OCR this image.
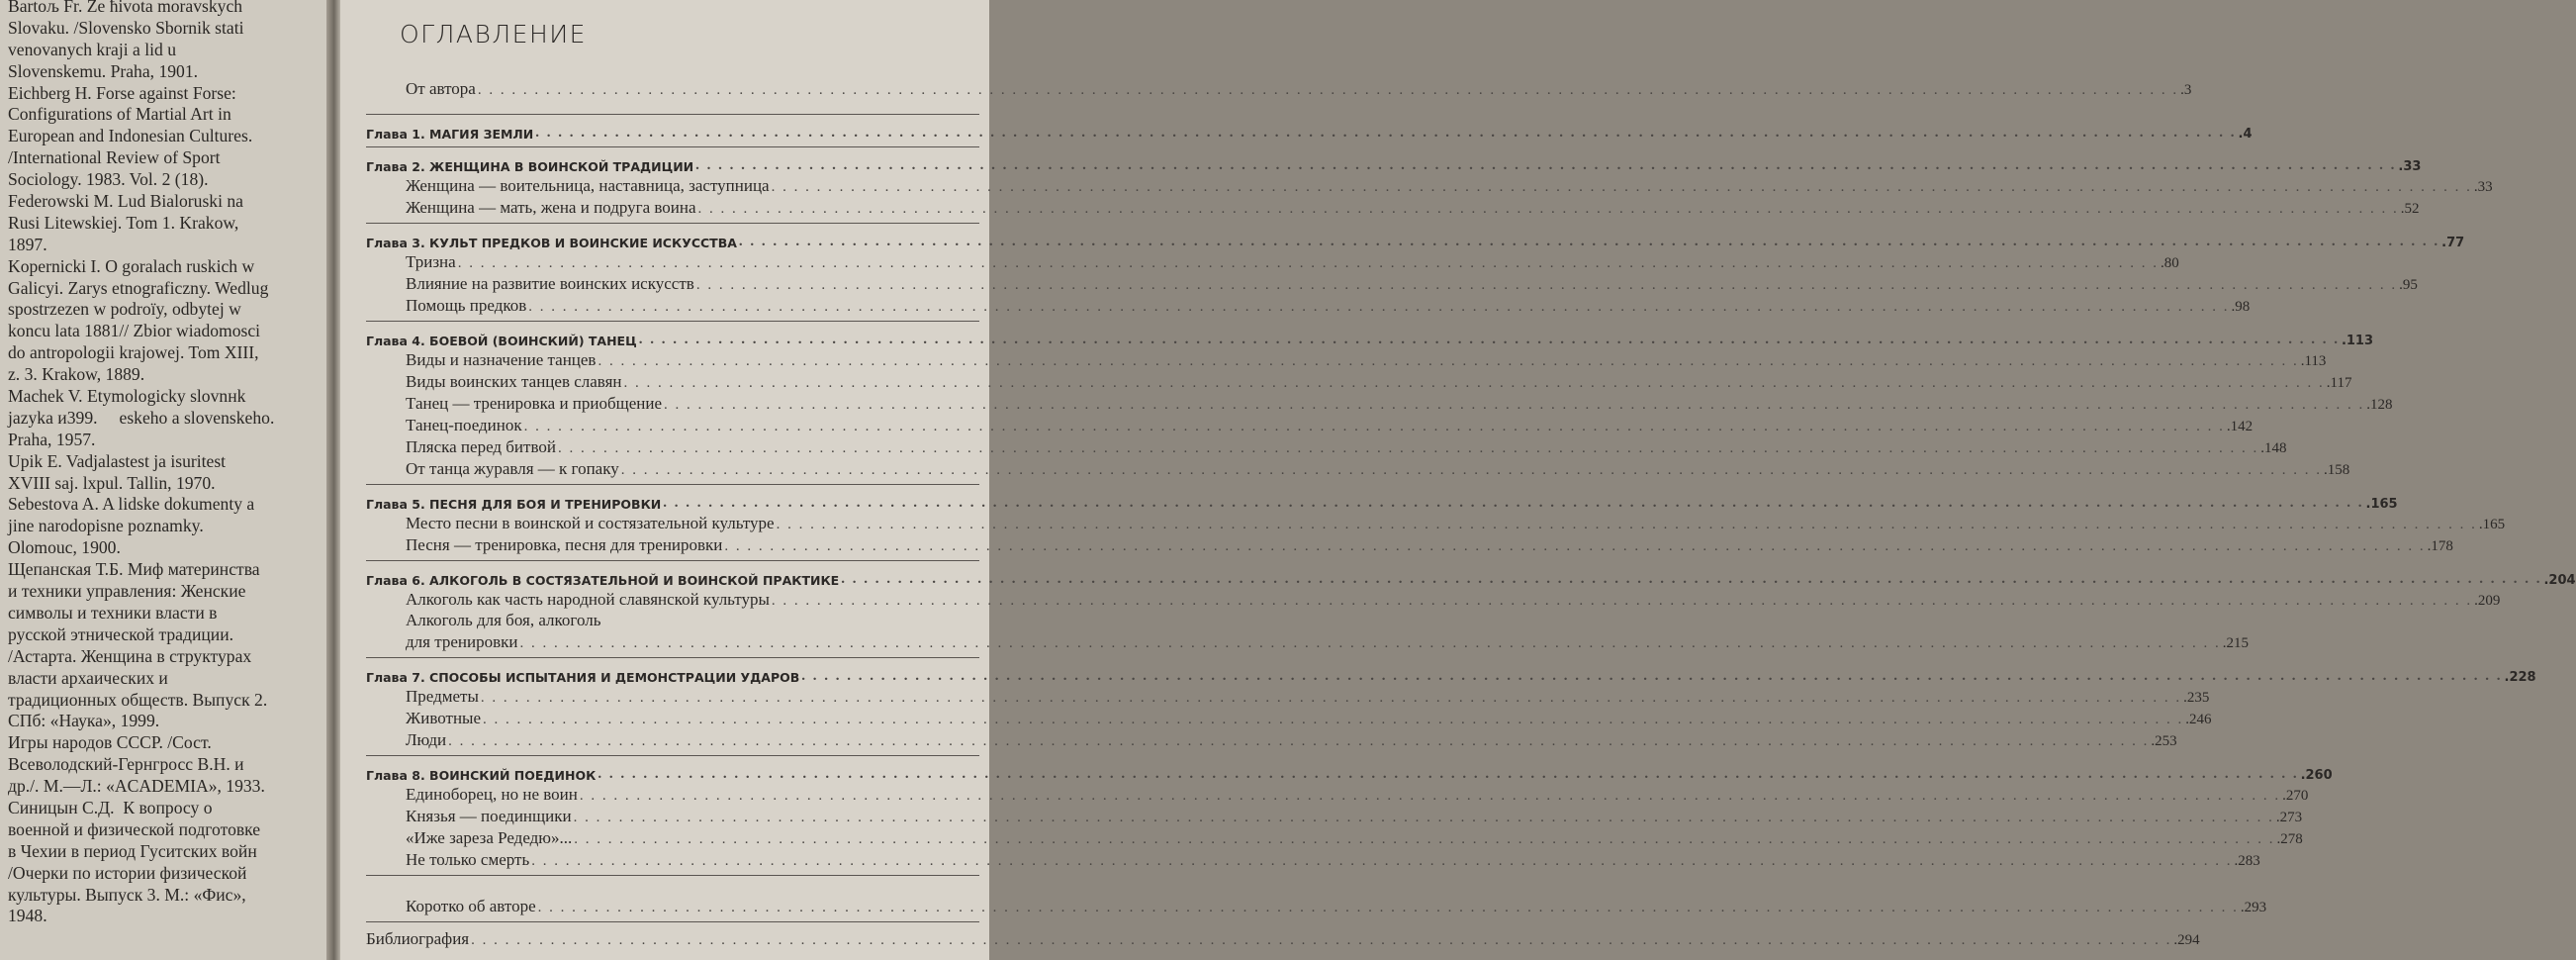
Bartoљ Fr. Ze ћivota moravskych
Slovaku. /Slovensko Sbornik stati
venovanych kraji a lid u
Slovenskemu. Praha, 1901.
Eichberg H. Forse against Forse:
Configurations of Martial Art in
European and Indonesian Cultures.
/International Review of Sport
Sociology. 1983. Vol. 2 (18).
Federowski M. Lud Bialoruski na
Rusi Litewskiej. Tom 1. Krakow,
1897.
Kopernicki I. O goralach ruskich w
Galicyi. Zarys etnograficzny. Wedlug
spostrzezen w podroїy, odbytej w
koncu lata 1881// Zbior wiadomosci
do antropologii krajowej. Tom XIII,
z. 3. Krakow, 1889.
Machek V. Etymologicky slovnнk
jazyka и399.     eskeho a slovenskeho.
Praha, 1957.
Upik E. Vadjalastest ja isuritest
XVIII saj. lxpul. Tallin, 1970.
Sebestova A. A lidske dokumenty a
jine narodopisne poznamky.
Olomouc, 1900.
Щепанская Т.Б. Миф материнства
и техники управления: Женские
символы и техники власти в
русской этнической традиции.
/Астарта. Женщина в структурах
власти архаических и
традиционных обществ. Выпуск 2.
СПб: «Наука», 1999.
Игры народов СССР. /Сост.
Всеволодский-Гернгросс В.Н. и
др./. М.—Л.: «ACADEMIA», 1933.
Синицын С.Д.  К вопросу о
военной и физической подготовке
в Чехии в период Гуситских войн
/Очерки по истории физической
культуры. Выпуск 3. М.: «Фис»,
1948.
ОГЛАВЛЕНИЕ
От автора . . . . . . . . . . . . . . . . . . . . . . . . . . . . . . . . . . . . . . . . . . . . . . . . . . . . . . . . . . . . . . . . . . . . . . . . . . . . . . . . . . . . . . . . . . . . . . . . . . . . . . . . . . . . . . . . . . . . . . . . . . . . . . . . . . . . . . . . . . . . . . . . . . . . . . .3
Глава 1. МАГИЯ ЗЕМЛИ . . . . . . . . . . . . . . . . . . . . . . . . . . . . . . . . . . . . . . . . . . . . . . . . . . . . . . . . . . . . . . . . . . . . . . . . . . . . . . . . . . . . . . . . . . . . . . . . . . . . . . . . . . . . . . . . . . . . . . . . . . . . . . . . . . . . . . . . . . . . . . . . . . . . . . .4
Глава 2. ЖЕНЩИНА В ВОИНСКОЙ ТРАДИЦИИ . . . . . . . . . . . . . . . . . . . . . . . . . . . . . . . . . . . . . . . . . . . . . . . . . . . . . . . . . . . . . . . . . . . . . . . . . . . . . . . . . . . . . . . . . . . . . . . . . . . . . . . . . . . . . . . . . . . . . . . . . . . . . . . . . . . . . . . . . . . . . . . . . . . . . . .33
Женщина — воительница, наставница, заступница . . . . . . . . . . . . . . . . . . . . . . . . . . . . . . . . . . . . . . . . . . . . . . . . . . . . . . . . . . . . . . . . . . . . . . . . . . . . . . . . . . . . . . . . . . . . . . . . . . . . . . . . . . . . . . . . . . . . . . . . . . . . . . . . . . . . . . . . . . . . . . . . . . . . . . .33
Женщина — мать, жена и подруга воина . . . . . . . . . . . . . . . . . . . . . . . . . . . . . . . . . . . . . . . . . . . . . . . . . . . . . . . . . . . . . . . . . . . . . . . . . . . . . . . . . . . . . . . . . . . . . . . . . . . . . . . . . . . . . . . . . . . . . . . . . . . . . . . . . . . . . . . . . . . . . . . . . . . . . . .52
Глава 3. КУЛЬТ ПРЕДКОВ И ВОИНСКИЕ ИСКУССТВА . . . . . . . . . . . . . . . . . . . . . . . . . . . . . . . . . . . . . . . . . . . . . . . . . . . . . . . . . . . . . . . . . . . . . . . . . . . . . . . . . . . . . . . . . . . . . . . . . . . . . . . . . . . . . . . . . . . . . . . . . . . . . . . . . . . . . . . . . . . . . . . . . . . . . . .77
Тризна . . . . . . . . . . . . . . . . . . . . . . . . . . . . . . . . . . . . . . . . . . . . . . . . . . . . . . . . . . . . . . . . . . . . . . . . . . . . . . . . . . . . . . . . . . . . . . . . . . . . . . . . . . . . . . . . . . . . . . . . . . . . . . . . . . . . . . . . . . . . . . . . . . . . . . .80
Влияние на развитие воинских искусств . . . . . . . . . . . . . . . . . . . . . . . . . . . . . . . . . . . . . . . . . . . . . . . . . . . . . . . . . . . . . . . . . . . . . . . . . . . . . . . . . . . . . . . . . . . . . . . . . . . . . . . . . . . . . . . . . . . . . . . . . . . . . . . . . . . . . . . . . . . . . . . . . . . . . . .95
Помощь предков . . . . . . . . . . . . . . . . . . . . . . . . . . . . . . . . . . . . . . . . . . . . . . . . . . . . . . . . . . . . . . . . . . . . . . . . . . . . . . . . . . . . . . . . . . . . . . . . . . . . . . . . . . . . . . . . . . . . . . . . . . . . . . . . . . . . . . . . . . . . . . . . . . . . . . .98
Глава 4. БОЕВОЙ (ВОИНСКИЙ) ТАНЕЦ . . . . . . . . . . . . . . . . . . . . . . . . . . . . . . . . . . . . . . . . . . . . . . . . . . . . . . . . . . . . . . . . . . . . . . . . . . . . . . . . . . . . . . . . . . . . . . . . . . . . . . . . . . . . . . . . . . . . . . . . . . . . . . . . . . . . . . . . . . . . . . . . . . . . . . .113
Виды и назначение танцев . . . . . . . . . . . . . . . . . . . . . . . . . . . . . . . . . . . . . . . . . . . . . . . . . . . . . . . . . . . . . . . . . . . . . . . . . . . . . . . . . . . . . . . . . . . . . . . . . . . . . . . . . . . . . . . . . . . . . . . . . . . . . . . . . . . . . . . . . . . . . . . . . . . . . . .113
Виды воинских танцев славян . . . . . . . . . . . . . . . . . . . . . . . . . . . . . . . . . . . . . . . . . . . . . . . . . . . . . . . . . . . . . . . . . . . . . . . . . . . . . . . . . . . . . . . . . . . . . . . . . . . . . . . . . . . . . . . . . . . . . . . . . . . . . . . . . . . . . . . . . . . . . . . . . . . . . . .117
Танец — тренировка и приобщение . . . . . . . . . . . . . . . . . . . . . . . . . . . . . . . . . . . . . . . . . . . . . . . . . . . . . . . . . . . . . . . . . . . . . . . . . . . . . . . . . . . . . . . . . . . . . . . . . . . . . . . . . . . . . . . . . . . . . . . . . . . . . . . . . . . . . . . . . . . . . . . . . . . . . . .128
Танец-поединок . . . . . . . . . . . . . . . . . . . . . . . . . . . . . . . . . . . . . . . . . . . . . . . . . . . . . . . . . . . . . . . . . . . . . . . . . . . . . . . . . . . . . . . . . . . . . . . . . . . . . . . . . . . . . . . . . . . . . . . . . . . . . . . . . . . . . . . . . . . . . . . . . . . . . . .142
Пляска перед битвой . . . . . . . . . . . . . . . . . . . . . . . . . . . . . . . . . . . . . . . . . . . . . . . . . . . . . . . . . . . . . . . . . . . . . . . . . . . . . . . . . . . . . . . . . . . . . . . . . . . . . . . . . . . . . . . . . . . . . . . . . . . . . . . . . . . . . . . . . . . . . . . . . . . . . . .148
От танца журавля — к гопаку . . . . . . . . . . . . . . . . . . . . . . . . . . . . . . . . . . . . . . . . . . . . . . . . . . . . . . . . . . . . . . . . . . . . . . . . . . . . . . . . . . . . . . . . . . . . . . . . . . . . . . . . . . . . . . . . . . . . . . . . . . . . . . . . . . . . . . . . . . . . . . . . . . . . . . .158
Глава 5. ПЕСНЯ ДЛЯ БОЯ И ТРЕНИРОВКИ . . . . . . . . . . . . . . . . . . . . . . . . . . . . . . . . . . . . . . . . . . . . . . . . . . . . . . . . . . . . . . . . . . . . . . . . . . . . . . . . . . . . . . . . . . . . . . . . . . . . . . . . . . . . . . . . . . . . . . . . . . . . . . . . . . . . . . . . . . . . . . . . . . . . . . .165
Место песни в воинской и состязательной культуре . . . . . . . . . . . . . . . . . . . . . . . . . . . . . . . . . . . . . . . . . . . . . . . . . . . . . . . . . . . . . . . . . . . . . . . . . . . . . . . . . . . . . . . . . . . . . . . . . . . . . . . . . . . . . . . . . . . . . . . . . . . . . . . . . . . . . . . . . . . . . . . . . . . . . . .165
Песня — тренировка, песня для тренировки . . . . . . . . . . . . . . . . . . . . . . . . . . . . . . . . . . . . . . . . . . . . . . . . . . . . . . . . . . . . . . . . . . . . . . . . . . . . . . . . . . . . . . . . . . . . . . . . . . . . . . . . . . . . . . . . . . . . . . . . . . . . . . . . . . . . . . . . . . . . . . . . . . . . . . .178
Глава 6. АЛКОГОЛЬ В СОСТЯЗАТЕЛЬНОЙ И ВОИНСКОЙ ПРАКТИКЕ . . . . . . . . . . . . . . . . . . . . . . . . . . . . . . . . . . . . . . . . . . . . . . . . . . . . . . . . . . . . . . . . . . . . . . . . . . . . . . . . . . . . . . . . . . . . . . . . . . . . . . . . . . . . . . . . . . . . . . . . . . . . . . . . . . . . . . . . . . . . . . . . . . . . . . .204
Алкоголь как часть народной славянской культуры . . . . . . . . . . . . . . . . . . . . . . . . . . . . . . . . . . . . . . . . . . . . . . . . . . . . . . . . . . . . . . . . . . . . . . . . . . . . . . . . . . . . . . . . . . . . . . . . . . . . . . . . . . . . . . . . . . . . . . . . . . . . . . . . . . . . . . . . . . . . . . . . . . . . . . .209
Алкоголь для боя, алкоголь
для тренировки . . . . . . . . . . . . . . . . . . . . . . . . . . . . . . . . . . . . . . . . . . . . . . . . . . . . . . . . . . . . . . . . . . . . . . . . . . . . . . . . . . . . . . . . . . . . . . . . . . . . . . . . . . . . . . . . . . . . . . . . . . . . . . . . . . . . . . . . . . . . . . . . . . . . . . .215
Глава 7. СПОСОБЫ ИСПЫТАНИЯ И ДЕМОНСТРАЦИИ УДАРОВ . . . . . . . . . . . . . . . . . . . . . . . . . . . . . . . . . . . . . . . . . . . . . . . . . . . . . . . . . . . . . . . . . . . . . . . . . . . . . . . . . . . . . . . . . . . . . . . . . . . . . . . . . . . . . . . . . . . . . . . . . . . . . . . . . . . . . . . . . . . . . . . . . . . . . . .228
Предметы . . . . . . . . . . . . . . . . . . . . . . . . . . . . . . . . . . . . . . . . . . . . . . . . . . . . . . . . . . . . . . . . . . . . . . . . . . . . . . . . . . . . . . . . . . . . . . . . . . . . . . . . . . . . . . . . . . . . . . . . . . . . . . . . . . . . . . . . . . . . . . . . . . . . . . .235
Животные . . . . . . . . . . . . . . . . . . . . . . . . . . . . . . . . . . . . . . . . . . . . . . . . . . . . . . . . . . . . . . . . . . . . . . . . . . . . . . . . . . . . . . . . . . . . . . . . . . . . . . . . . . . . . . . . . . . . . . . . . . . . . . . . . . . . . . . . . . . . . . . . . . . . . . .246
Люди . . . . . . . . . . . . . . . . . . . . . . . . . . . . . . . . . . . . . . . . . . . . . . . . . . . . . . . . . . . . . . . . . . . . . . . . . . . . . . . . . . . . . . . . . . . . . . . . . . . . . . . . . . . . . . . . . . . . . . . . . . . . . . . . . . . . . . . . . . . . . . . . . . . . . . .253
Глава 8. ВОИНСКИЙ ПОЕДИНОК . . . . . . . . . . . . . . . . . . . . . . . . . . . . . . . . . . . . . . . . . . . . . . . . . . . . . . . . . . . . . . . . . . . . . . . . . . . . . . . . . . . . . . . . . . . . . . . . . . . . . . . . . . . . . . . . . . . . . . . . . . . . . . . . . . . . . . . . . . . . . . . . . . . . . . .260
Единоборец, но не воин . . . . . . . . . . . . . . . . . . . . . . . . . . . . . . . . . . . . . . . . . . . . . . . . . . . . . . . . . . . . . . . . . . . . . . . . . . . . . . . . . . . . . . . . . . . . . . . . . . . . . . . . . . . . . . . . . . . . . . . . . . . . . . . . . . . . . . . . . . . . . . . . . . . . . . .270
Князья — поединщики . . . . . . . . . . . . . . . . . . . . . . . . . . . . . . . . . . . . . . . . . . . . . . . . . . . . . . . . . . . . . . . . . . . . . . . . . . . . . . . . . . . . . . . . . . . . . . . . . . . . . . . . . . . . . . . . . . . . . . . . . . . . . . . . . . . . . . . . . . . . . . . . . . . . . . .273
«Иже зареза Редедю»... . . . . . . . . . . . . . . . . . . . . . . . . . . . . . . . . . . . . . . . . . . . . . . . . . . . . . . . . . . . . . . . . . . . . . . . . . . . . . . . . . . . . . . . . . . . . . . . . . . . . . . . . . . . . . . . . . . . . . . . . . . . . . . . . . . . . . . . . . . . . . . . . . . . . . . .278
Не только смерть . . . . . . . . . . . . . . . . . . . . . . . . . . . . . . . . . . . . . . . . . . . . . . . . . . . . . . . . . . . . . . . . . . . . . . . . . . . . . . . . . . . . . . . . . . . . . . . . . . . . . . . . . . . . . . . . . . . . . . . . . . . . . . . . . . . . . . . . . . . . . . . . . . . . . . .283
Коротко об авторе . . . . . . . . . . . . . . . . . . . . . . . . . . . . . . . . . . . . . . . . . . . . . . . . . . . . . . . . . . . . . . . . . . . . . . . . . . . . . . . . . . . . . . . . . . . . . . . . . . . . . . . . . . . . . . . . . . . . . . . . . . . . . . . . . . . . . . . . . . . . . . . . . . . . . . .293
Библиография . . . . . . . . . . . . . . . . . . . . . . . . . . . . . . . . . . . . . . . . . . . . . . . . . . . . . . . . . . . . . . . . . . . . . . . . . . . . . . . . . . . . . . . . . . . . . . . . . . . . . . . . . . . . . . . . . . . . . . . . . . . . . . . . . . . . . . . . . . . . . . . . . . . . . . .294
